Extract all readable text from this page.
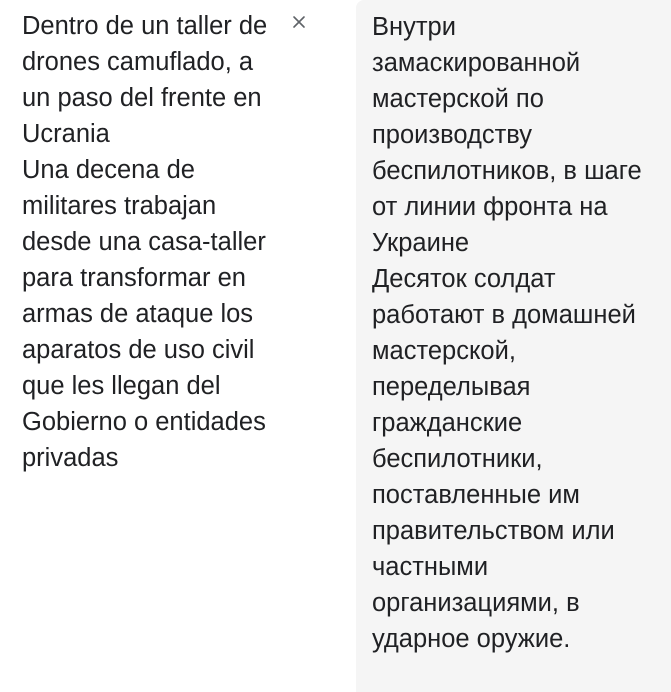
Dentro de un taller de drones camuflado, a un paso del frente en Ucrania
Una decena de militares trabajan desde una casa-taller para transformar en armas de ataque los aparatos de uso civil que les llegan del Gobierno o entidades privadas
Внутри замаскированной мастерской по производству беспилотников, в шаге от линии фронта на Украине
Десяток солдат работают в домашней мастерской, переделывая гражданские беспилотники, поставленные им правительством или частными организациями, в ударное оружие.
